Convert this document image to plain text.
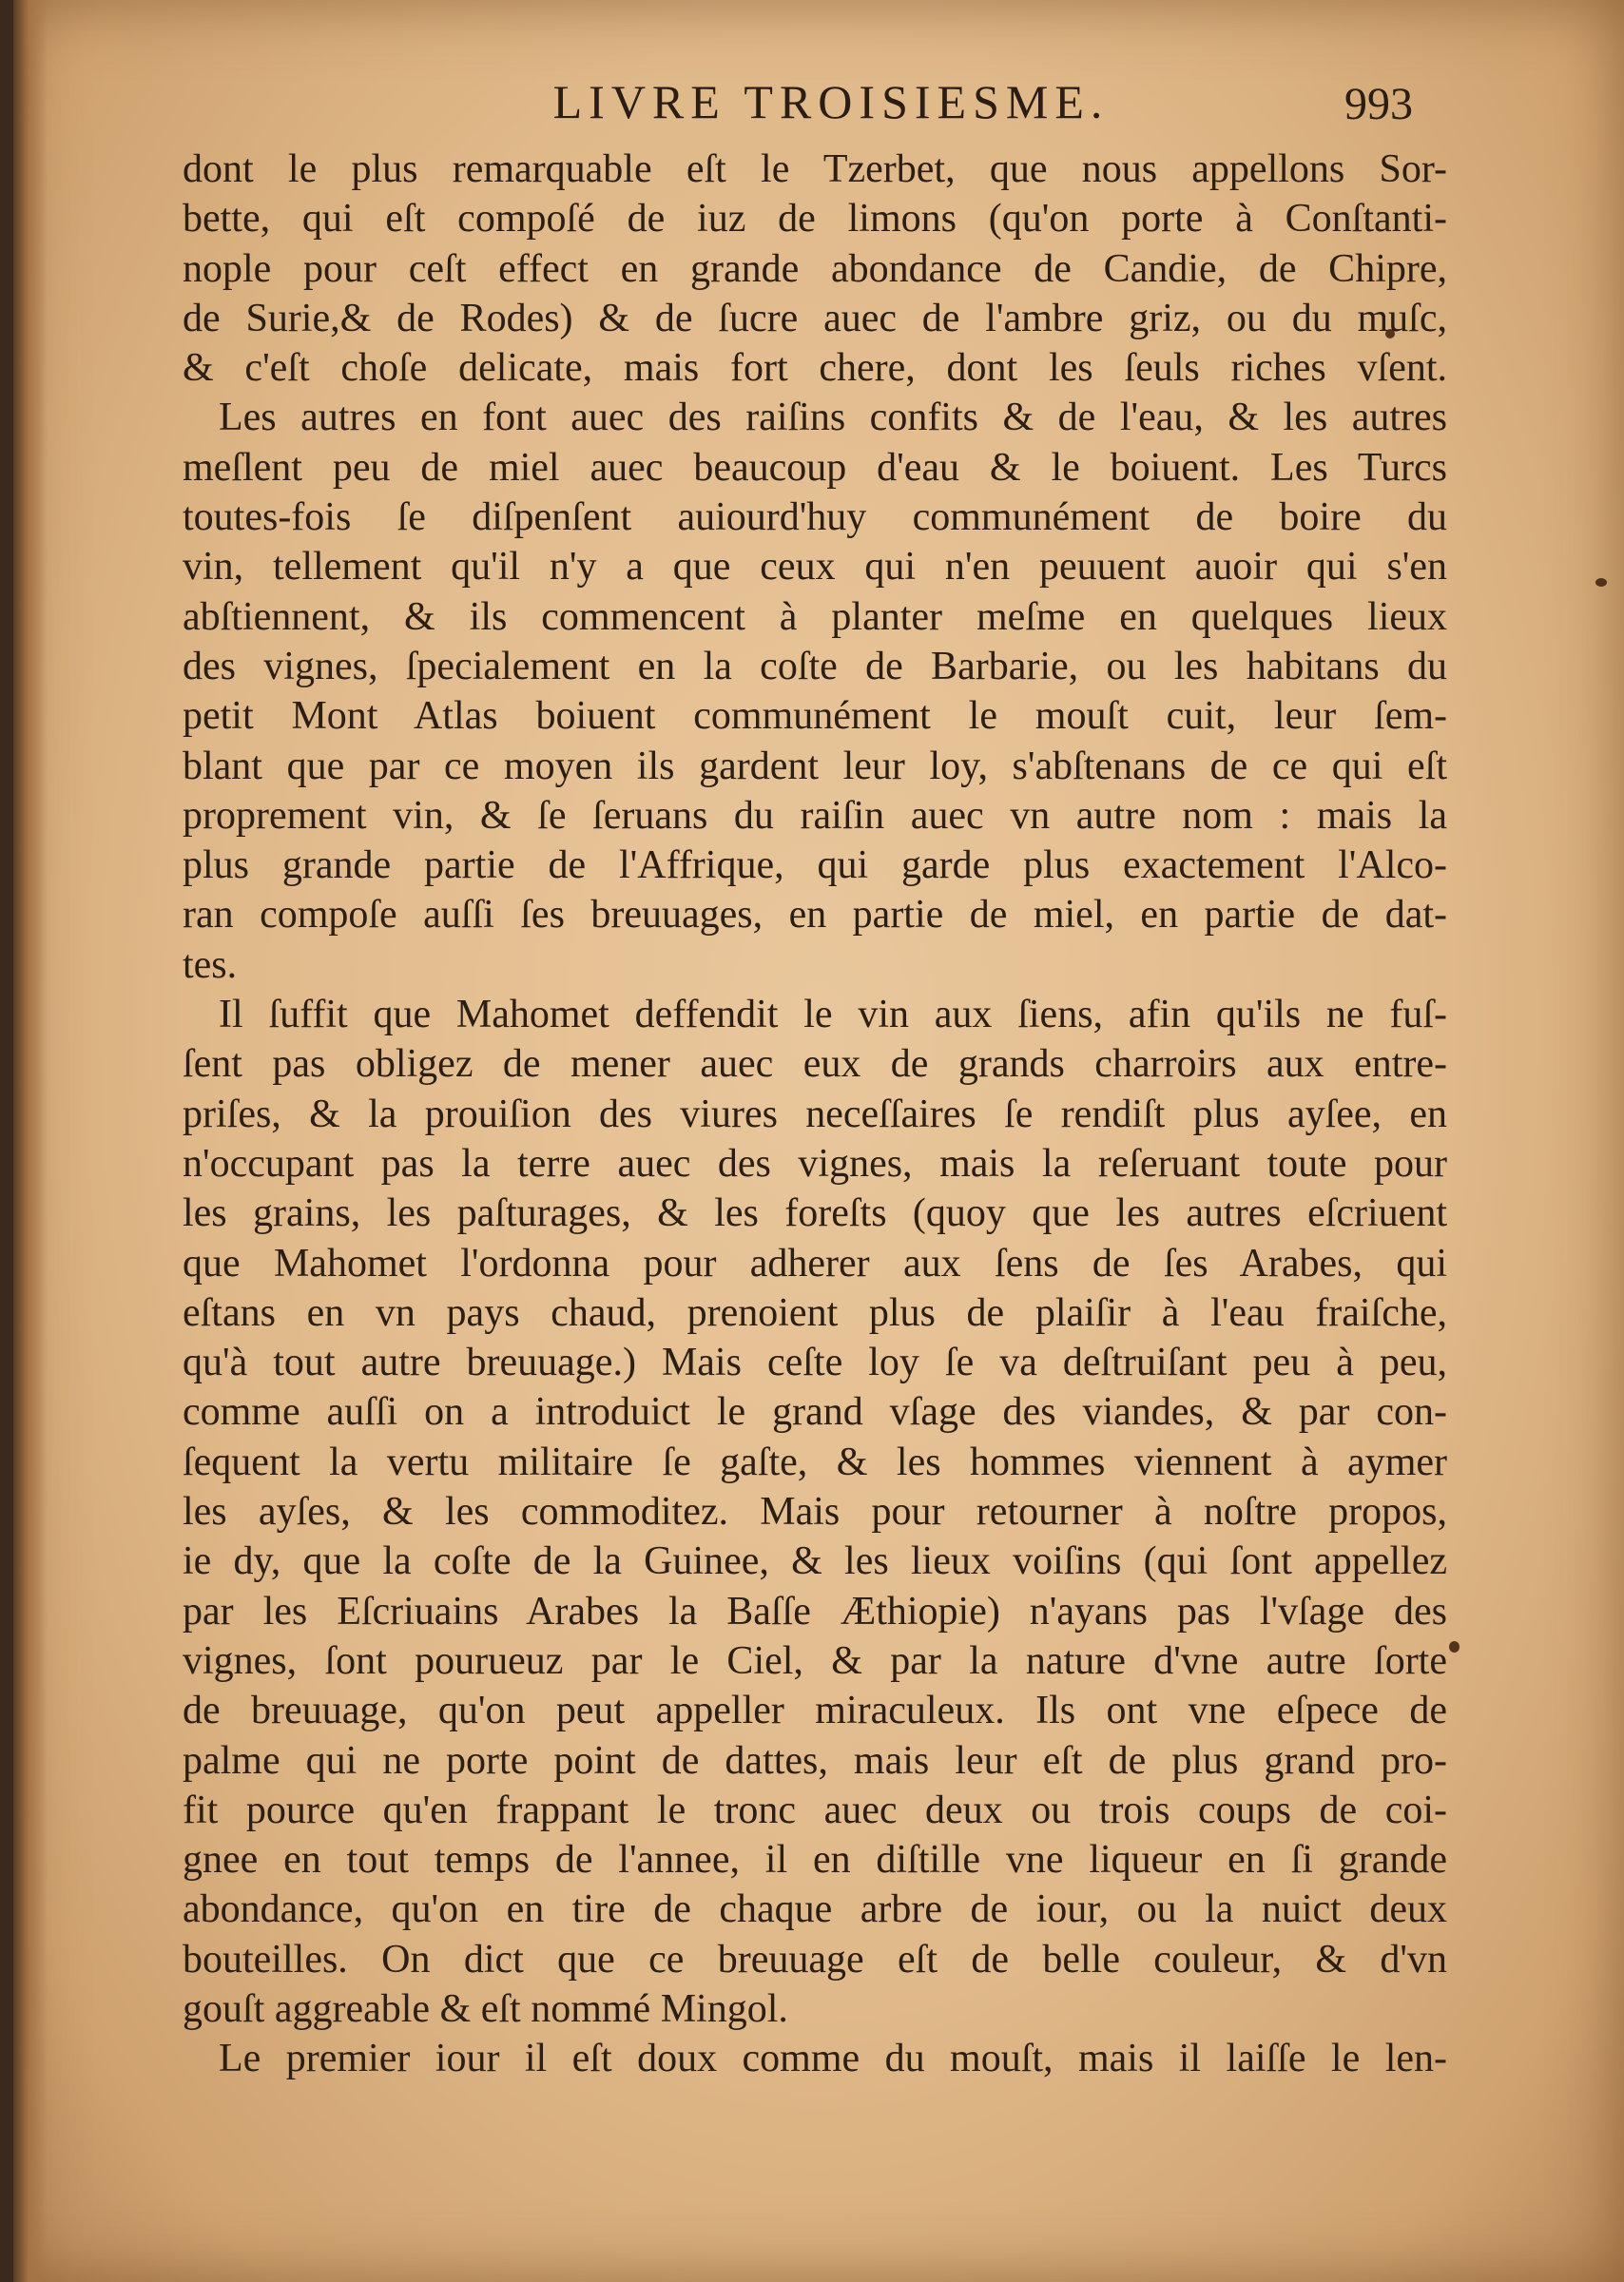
LIVRE TROISIESME.	993
dont le plus remarquable eſt le Tzerbet, que nous appellons Sor-
bette, qui eſt compoſé de iuz de limons (qu'on porte à Conſtanti-
nople pour ceſt effect en grande abondance de Candie, de Chipre,
de Surie,& de Rodes) & de ſucre auec de l'ambre griz, ou du muſc,
& c'eſt choſe delicate, mais fort chere, dont les ſeuls riches vſent.
Les autres en font auec des raiſins confits & de l'eau, & les autres
meſlent peu de miel auec beaucoup d'eau & le boiuent. Les Turcs
toutes-fois ſe diſpenſent auiourd'huy communément de boire du
vin, tellement qu'il n'y a que ceux qui n'en peuuent auoir qui s'en
abſtiennent, & ils commencent à planter meſme en quelques lieux
des vignes, ſpecialement en la coſte de Barbarie, ou les habitans du
petit Mont Atlas boiuent communément le mouſt cuit, leur ſem-
blant que par ce moyen ils gardent leur loy, s'abſtenans de ce qui eſt
proprement vin, & ſe ſeruans du raiſin auec vn autre nom : mais la
plus grande partie de l'Affrique, qui garde plus exactement l'Alco-
ran compoſe auſſi ſes breuuages, en partie de miel, en partie de dat-
tes.
Il ſuffit que Mahomet deffendit le vin aux ſiens, afin qu'ils ne fuſ-
ſent pas obligez de mener auec eux de grands charroirs aux entre-
priſes, & la prouiſion des viures neceſſaires ſe rendiſt plus ayſee, en
n'occupant pas la terre auec des vignes, mais la reſeruant toute pour
les grains, les paſturages, & les foreſts (quoy que les autres eſcriuent
que Mahomet l'ordonna pour adherer aux ſens de ſes Arabes, qui
eſtans en vn pays chaud, prenoient plus de plaiſir à l'eau fraiſche,
qu'à tout autre breuuage.) Mais ceſte loy ſe va deſtruiſant peu à peu,
comme auſſi on a introduict le grand vſage des viandes, & par con-
ſequent la vertu militaire ſe gaſte, & les hommes viennent à aymer
les ayſes, & les commoditez. Mais pour retourner à noſtre propos,
ie dy, que la coſte de la Guinee, & les lieux voiſins (qui ſont appellez
par les Eſcriuains Arabes la Baſſe Æthiopie) n'ayans pas l'vſage des
vignes, ſont pourueuz par le Ciel, & par la nature d'vne autre ſorte
de breuuage, qu'on peut appeller miraculeux. Ils ont vne eſpece de
palme qui ne porte point de dattes, mais leur eſt de plus grand pro-
fit pource qu'en frappant le tronc auec deux ou trois coups de coi-
gnee en tout temps de l'annee, il en diſtille vne liqueur en ſi grande
abondance, qu'on en tire de chaque arbre de iour, ou la nuict deux
bouteilles. On dict que ce breuuage eſt de belle couleur, & d'vn
gouſt aggreable & eſt nommé Mingol.
Le premier iour il eſt doux comme du mouſt, mais il laiſſe le len-
